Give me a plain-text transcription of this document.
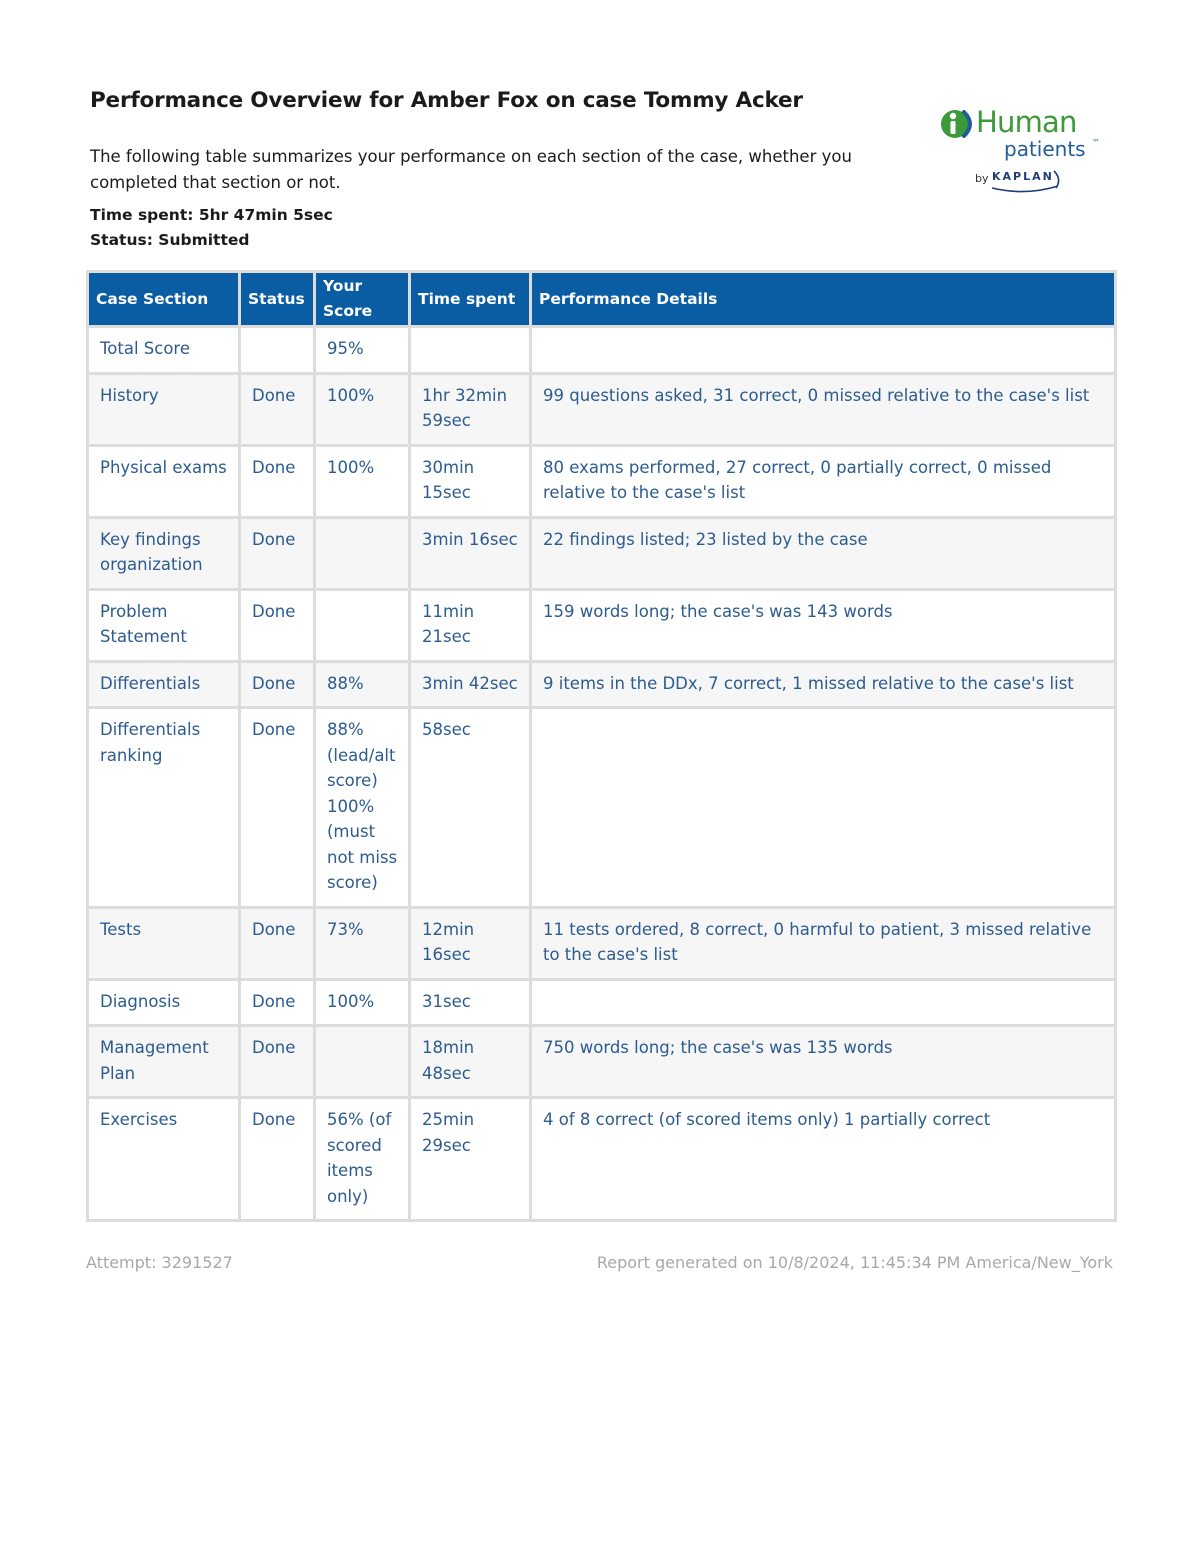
Performance Overview for Amber Fox on case Tommy Acker

The following table summarizes your performance on each section of the case, whether you completed that section or not.

Time spent: 5hr 47min 5sec
Status: Submitted
Human
patients ™
by KAPLAN
Case Section	Status	Your Score	Time spent	Performance Details
Total Score		95%		
History	Done	100%	1hr 32min 59sec	99 questions asked, 31 correct, 0 missed relative to the case's list
Physical exams	Done	100%	30min 15sec	80 exams performed, 27 correct, 0 partially correct, 0 missed relative to the case's list
Key findings organization	Done		3min 16sec	22 findings listed; 23 listed by the case
Problem Statement	Done		11min 21sec	159 words long; the case's was 143 words
Differentials	Done	88%	3min 42sec	9 items in the DDx, 7 correct, 1 missed relative to the case's list
Differentials ranking	Done	88% (lead/alt score) 100% (must not miss score)	58sec	
Tests	Done	73%	12min 16sec	11 tests ordered, 8 correct, 0 harmful to patient, 3 missed relative to the case's list
Diagnosis	Done	100%	31sec	
Management Plan	Done		18min 48sec	750 words long; the case's was 135 words
Exercises	Done	56% (of scored items only)	25min 29sec	4 of 8 correct (of scored items only) 1 partially correct
Attempt: 3291527	Report generated on 10/8/2024, 11:45:34 PM America/New_York
